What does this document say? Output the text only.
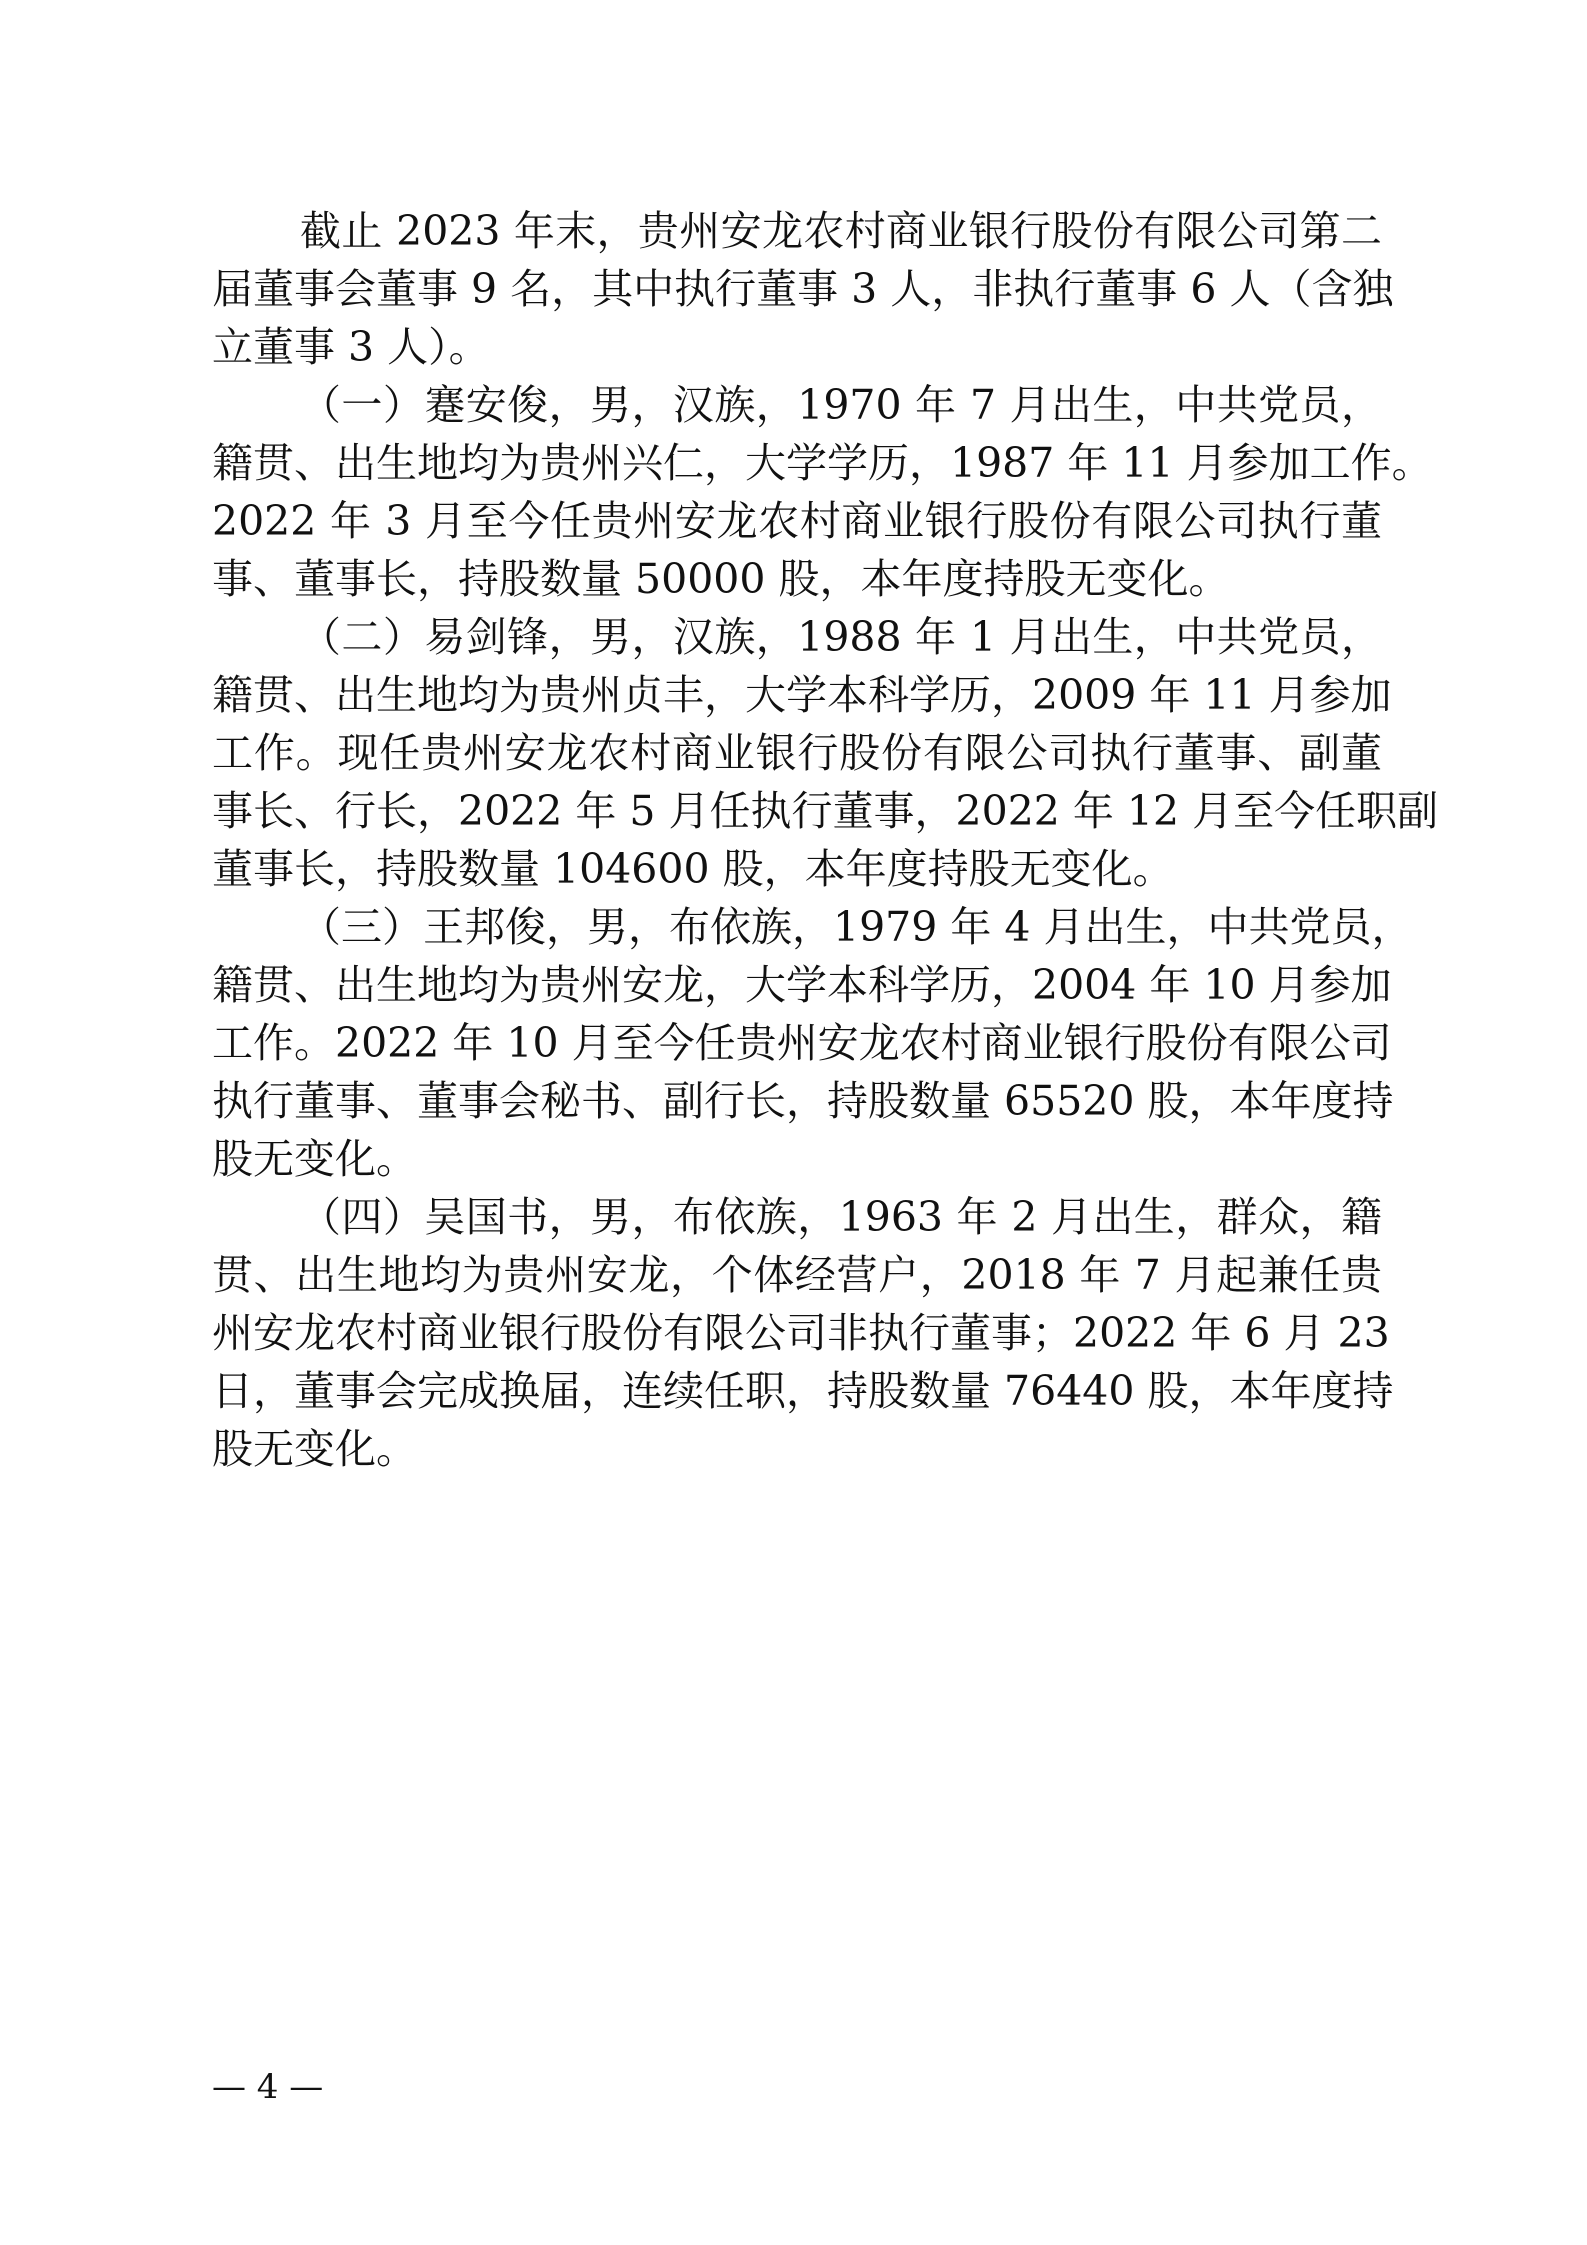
截止 2023 年末，贵州安龙农村商业银行股份有限公司第二
届董事会董事 9 名，其中执行董事 3 人，非执行董事 6 人（含独
立董事 3 人）。
（一）蹇安俊，男，汉族，1970 年 7 月出生，中共党员，
籍贯、出生地均为贵州兴仁，大学学历，1987 年 11 月参加工作。
2022 年 3 月至今任贵州安龙农村商业银行股份有限公司执行董
事、董事长，持股数量 50000 股，本年度持股无变化。
（二）易剑锋，男，汉族，1988 年 1 月出生，中共党员，
籍贯、出生地均为贵州贞丰，大学本科学历，2009 年 11 月参加
工作。现任贵州安龙农村商业银行股份有限公司执行董事、副董
事长、行长，2022 年 5 月任执行董事，2022 年 12 月至今任职副
董事长，持股数量 104600 股，本年度持股无变化。
（三）王邦俊，男，布依族，1979 年 4 月出生，中共党员，
籍贯、出生地均为贵州安龙，大学本科学历，2004 年 10 月参加
工作。2022 年 10 月至今任贵州安龙农村商业银行股份有限公司
执行董事、董事会秘书、副行长，持股数量 65520 股，本年度持
股无变化。
（四）吴国书，男，布依族，1963 年 2 月出生，群众，籍
贯、出生地均为贵州安龙，个体经营户，2018 年 7 月起兼任贵
州安龙农村商业银行股份有限公司非执行董事；2022 年 6 月 23
日，董事会完成换届，连续任职，持股数量 76440 股，本年度持
股无变化。
— 4 —
